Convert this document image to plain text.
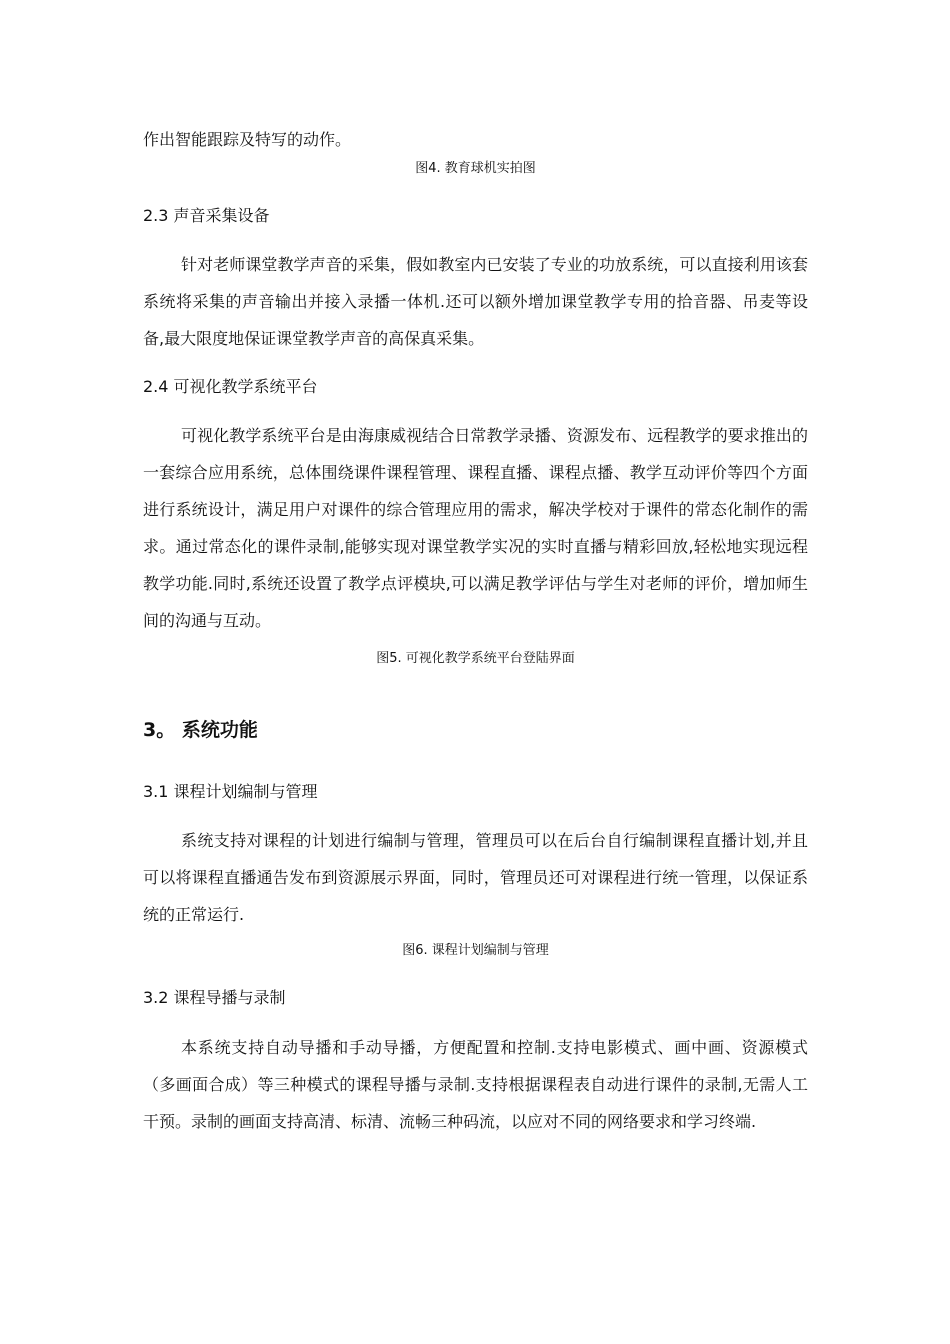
作出智能跟踪及特写的动作。

图4. 教育球机实拍图

2.3 声音采集设备

针对老师课堂教学声音的采集，假如教室内已安装了专业的功放系统，可以直接利用该套系统将采集的声音输出并接入录播一体机.还可以额外增加课堂教学专用的拾音器、吊麦等设备,最大限度地保证课堂教学声音的高保真采集。

2.4 可视化教学系统平台

可视化教学系统平台是由海康威视结合日常教学录播、资源发布、远程教学的要求推出的一套综合应用系统，总体围绕课件课程管理、课程直播、课程点播、教学互动评价等四个方面进行系统设计，满足用户对课件的综合管理应用的需求，解决学校对于课件的常态化制作的需求。通过常态化的课件录制,能够实现对课堂教学实况的实时直播与精彩回放,轻松地实现远程教学功能.同时,系统还设置了教学点评模块,可以满足教学评估与学生对老师的评价，增加师生间的沟通与互动。

图5. 可视化教学系统平台登陆界面

3。 系统功能

3.1 课程计划编制与管理

系统支持对课程的计划进行编制与管理，管理员可以在后台自行编制课程直播计划,并且可以将课程直播通告发布到资源展示界面，同时，管理员还可对课程进行统一管理，以保证系统的正常运行.

图6. 课程计划编制与管理

3.2 课程导播与录制

本系统支持自动导播和手动导播，方便配置和控制.支持电影模式、画中画、资源模式（多画面合成）等三种模式的课程导播与录制.支持根据课程表自动进行课件的录制,无需人工干预。录制的画面支持高清、标清、流畅三种码流，以应对不同的网络要求和学习终端.
